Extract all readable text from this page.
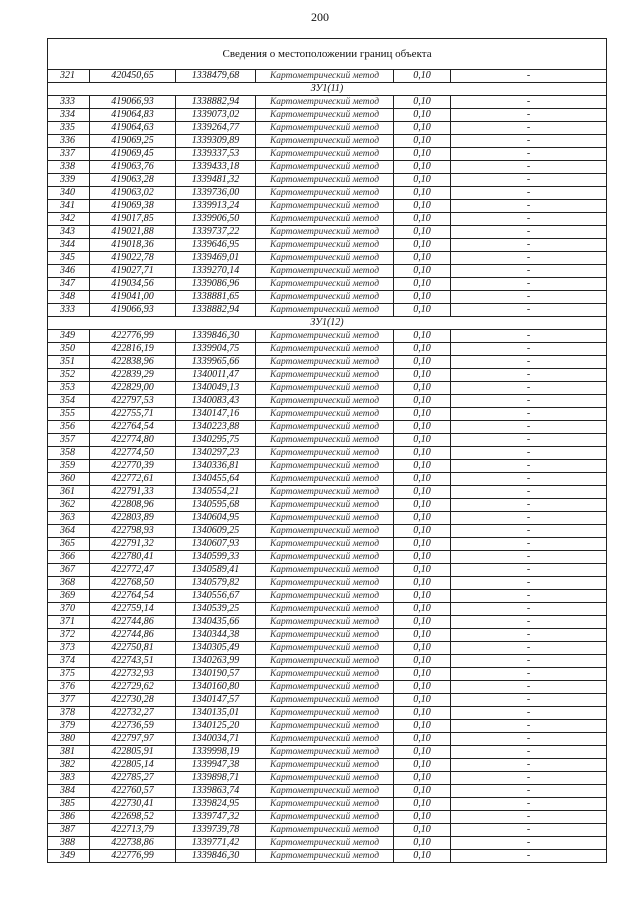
200
Сведения о местоположении границ объекта					
321	420450,65	1338479,68	Картометрический метод	0,10	-
ЗУ1(11)					
333	419066,93	1338882,94	Картометрический метод	0,10	-
334	419064,83	1339073,02	Картометрический метод	0,10	-
335	419064,63	1339264,77	Картометрический метод	0,10	-
336	419069,25	1339309,89	Картометрический метод	0,10	-
337	419069,45	1339337,53	Картометрический метод	0,10	-
338	419063,76	1339433,18	Картометрический метод	0,10	-
339	419063,28	1339481,32	Картометрический метод	0,10	-
340	419063,02	1339736,00	Картометрический метод	0,10	-
341	419069,38	1339913,24	Картометрический метод	0,10	-
342	419017,85	1339906,50	Картометрический метод	0,10	-
343	419021,88	1339737,22	Картометрический метод	0,10	-
344	419018,36	1339646,95	Картометрический метод	0,10	-
345	419022,78	1339469,01	Картометрический метод	0,10	-
346	419027,71	1339270,14	Картометрический метод	0,10	-
347	419034,56	1339086,96	Картометрический метод	0,10	-
348	419041,00	1338881,65	Картометрический метод	0,10	-
333	419066,93	1338882,94	Картометрический метод	0,10	-
ЗУ1(12)					
349	422776,99	1339846,30	Картометрический метод	0,10	-
350	422816,19	1339904,75	Картометрический метод	0,10	-
351	422838,96	1339965,66	Картометрический метод	0,10	-
352	422839,29	1340011,47	Картометрический метод	0,10	-
353	422829,00	1340049,13	Картометрический метод	0,10	-
354	422797,53	1340083,43	Картометрический метод	0,10	-
355	422755,71	1340147,16	Картометрический метод	0,10	-
356	422764,54	1340223,88	Картометрический метод	0,10	-
357	422774,80	1340295,75	Картометрический метод	0,10	-
358	422774,50	1340297,23	Картометрический метод	0,10	-
359	422770,39	1340336,81	Картометрический метод	0,10	-
360	422772,61	1340455,64	Картометрический метод	0,10	-
361	422791,33	1340554,21	Картометрический метод	0,10	-
362	422808,96	1340595,68	Картометрический метод	0,10	-
363	422803,89	1340604,95	Картометрический метод	0,10	-
364	422798,93	1340609,25	Картометрический метод	0,10	-
365	422791,32	1340607,93	Картометрический метод	0,10	-
366	422780,41	1340599,33	Картометрический метод	0,10	-
367	422772,47	1340589,41	Картометрический метод	0,10	-
368	422768,50	1340579,82	Картометрический метод	0,10	-
369	422764,54	1340556,67	Картометрический метод	0,10	-
370	422759,14	1340539,25	Картометрический метод	0,10	-
371	422744,86	1340435,66	Картометрический метод	0,10	-
372	422744,86	1340344,38	Картометрический метод	0,10	-
373	422750,81	1340305,49	Картометрический метод	0,10	-
374	422743,51	1340263,99	Картометрический метод	0,10	-
375	422732,93	1340190,57	Картометрический метод	0,10	-
376	422729,62	1340160,80	Картометрический метод	0,10	-
377	422730,28	1340147,57	Картометрический метод	0,10	-
378	422732,27	1340135,01	Картометрический метод	0,10	-
379	422736,59	1340125,20	Картометрический метод	0,10	-
380	422797,97	1340034,71	Картометрический метод	0,10	-
381	422805,91	1339998,19	Картометрический метод	0,10	-
382	422805,14	1339947,38	Картометрический метод	0,10	-
383	422785,27	1339898,71	Картометрический метод	0,10	-
384	422760,57	1339863,74	Картометрический метод	0,10	-
385	422730,41	1339824,95	Картометрический метод	0,10	-
386	422698,52	1339747,32	Картометрический метод	0,10	-
387	422713,79	1339739,78	Картометрический метод	0,10	-
388	422738,86	1339771,42	Картометрический метод	0,10	-
349	422776,99	1339846,30	Картометрический метод	0,10	-
